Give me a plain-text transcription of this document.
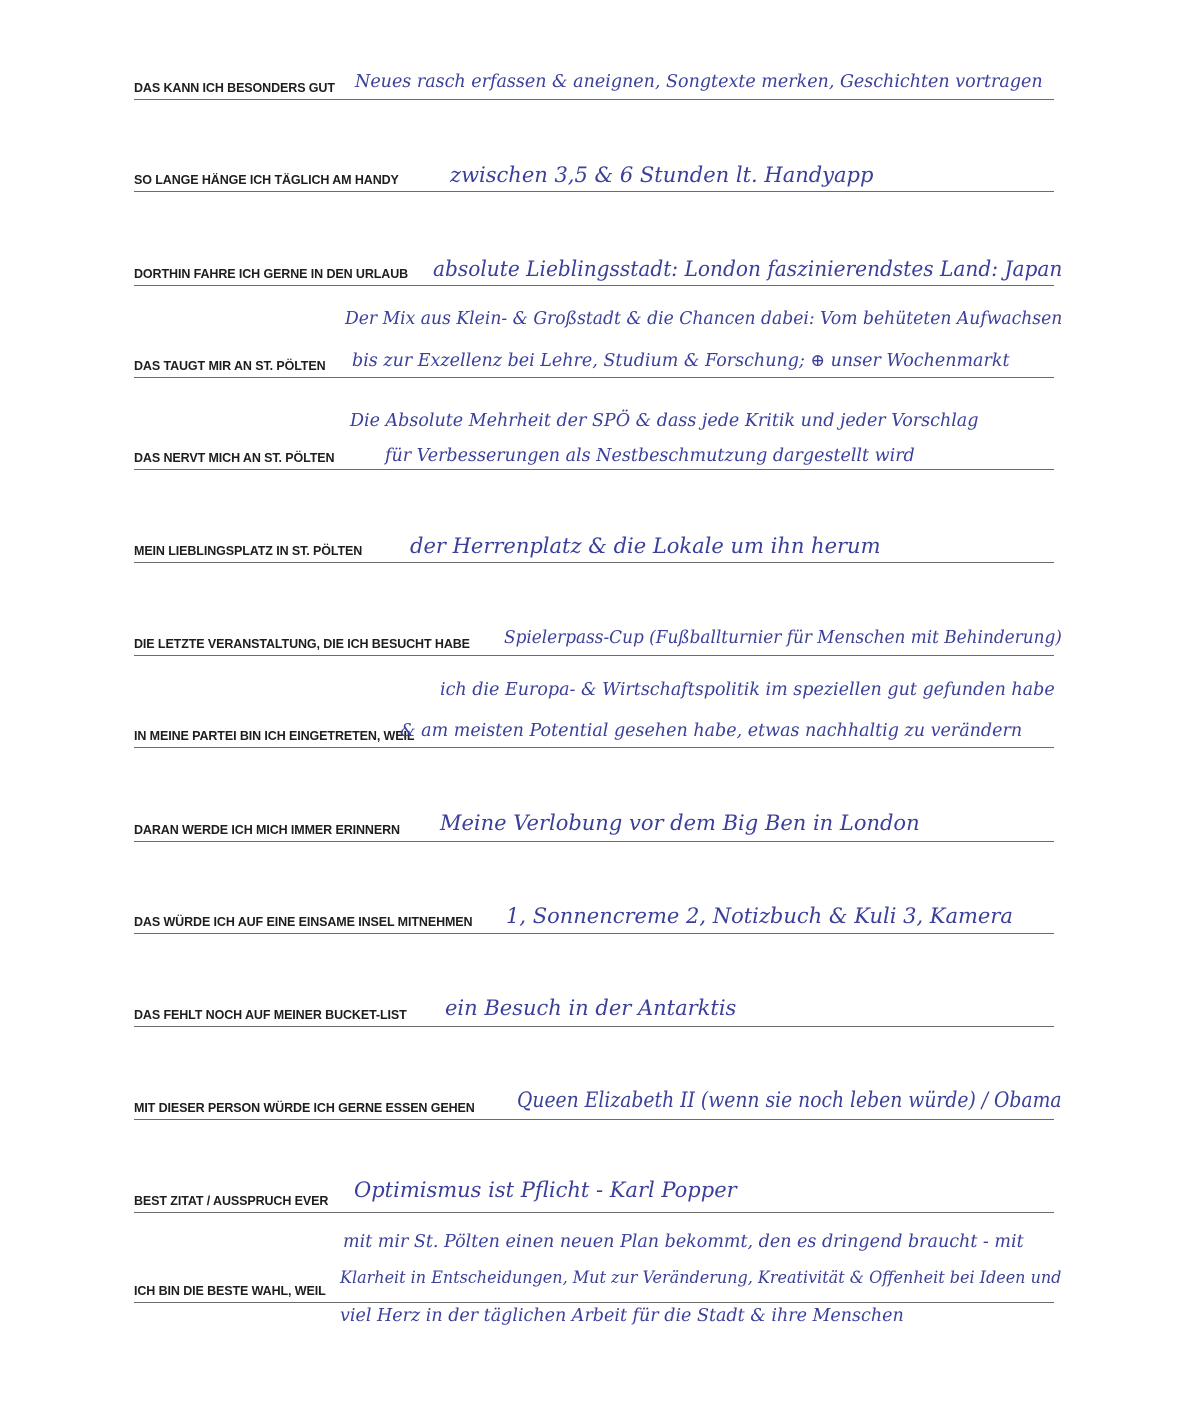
DAS KANN ICH BESONDERS GUT Neues rasch erfassen & aneignen, Songtexte merken, Geschichten vortragen
SO LANGE HÄNGE ICH TÄGLICH AM HANDY zwischen 3,5 & 6 Stunden lt. Handyapp
DORTHIN FAHRE ICH GERNE IN DEN URLAUB absolute Lieblingsstadt: London faszinierendstes Land: Japan
DAS TAUGT MIR AN ST. PÖLTEN
Der Mix aus Klein- & Großstadt & die Chancen dabei: Vom behüteten Aufwachsen
bis zur Exzellenz bei Lehre, Studium & Forschung; ⊕ unser Wochenmarkt
DAS NERVT MICH AN ST. PÖLTEN
Die Absolute Mehrheit der SPÖ & dass jede Kritik und jeder Vorschlag
für Verbesserungen als Nestbeschmutzung dargestellt wird
MEIN LIEBLINGSPLATZ IN ST. PÖLTEN der Herrenplatz & die Lokale um ihn herum
DIE LETZTE VERANSTALTUNG, DIE ICH BESUCHT HABE Spielerpass-Cup (Fußballturnier für Menschen mit Behinderung)
IN MEINE PARTEI BIN ICH EINGETRETEN, WEIL
ich die Europa- & Wirtschaftspolitik im speziellen gut gefunden habe
& am meisten Potential gesehen habe, etwas nachhaltig zu verändern
DARAN WERDE ICH MICH IMMER ERINNERN Meine Verlobung vor dem Big Ben in London
DAS WÜRDE ICH AUF EINE EINSAME INSEL MITNEHMEN 1, Sonnencreme 2, Notizbuch & Kuli 3, Kamera
DAS FEHLT NOCH AUF MEINER BUCKET-LIST ein Besuch in der Antarktis
MIT DIESER PERSON WÜRDE ICH GERNE ESSEN GEHEN Queen Elizabeth II (wenn sie noch leben würde) / Obama
BEST ZITAT / AUSSPRUCH EVER Optimismus ist Pflicht - Karl Popper
ICH BIN DIE BESTE WAHL, WEIL
mit mir St. Pölten einen neuen Plan bekommt, den es dringend braucht - mit
Klarheit in Entscheidungen, Mut zur Veränderung, Kreativität & Offenheit bei Ideen und
viel Herz in der täglichen Arbeit für die Stadt & ihre Menschen
